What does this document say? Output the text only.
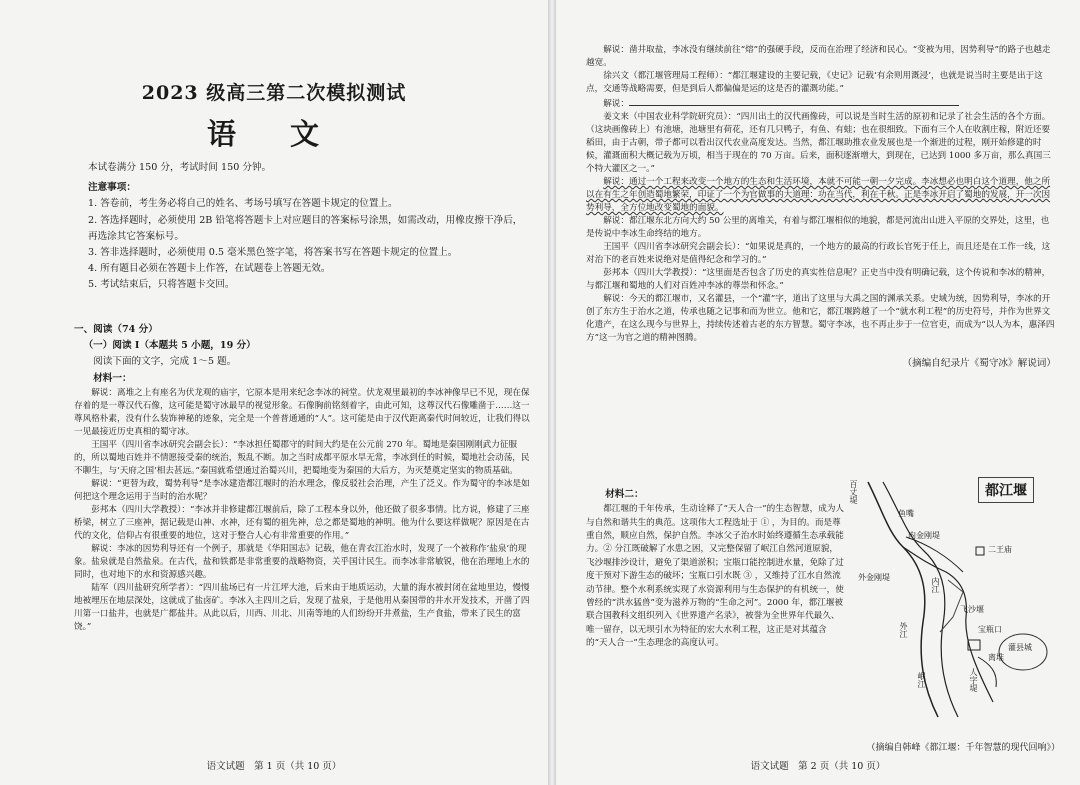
2023 级高三第二次模拟测试
语 文

本试卷满分 150 分，考试时间 150 分钟。

注意事项：

1. 答卷前，考生务必将自己的姓名、考场号填写在答题卡规定的位置上。

2. 答选择题时，必须使用 2B 铅笔将答题卡上对应题目的答案标号涂黑，如需改动，用橡皮擦干净后，再选涂其它答案标号。

3. 答非选择题时，必须使用 0.5 毫米黑色签字笔，将答案书写在答题卡规定的位置上。

4. 所有题目必须在答题卡上作答，在试题卷上答题无效。

5. 考试结束后，只将答题卡交回。

一、阅读（74 分）

（一）阅读 I（本题共 5 小题，19 分）

阅读下面的文字，完成 1～5 题。

材料一：

解说：离堆之上有座名为伏龙观的庙宇，它原本是用来纪念李冰的祠堂。伏龙观里最初的李冰神像早已不见，现在保存着的是一尊汉代石像，这可能是蜀守冰最早的视觉形象。石像胸前铭刻着字，由此可知，这尊汉代石像雕凿于……这一尊风格朴素，没有什么装饰神秘的迹象，完全是一个普普通通的“人”。这可能是由于汉代距离秦代时间较近，让我们得以一见最接近历史真相的蜀守冰。

王国平（四川省李冰研究会副会长）：“李冰担任蜀郡守的时间大约是在公元前 270 年。蜀地是秦国刚刚武力征服的，所以蜀地百姓并不情愿接受秦的统治，叛乱不断。加之当时成都平原水旱无常，李冰到任的时候，蜀地社会动荡，民不聊生，与‘天府之国’相去甚远。”秦国就希望通过治蜀兴川，把蜀地变为秦国的大后方，为灭楚奠定坚实的物质基础。

解说：“更替为政，蜀势利导”是李冰建造都江堰时的治水理念，像反驳社会治理，产生了泛义。作为蜀守的李冰是如何把这个理念运用于当时的治水呢？

彭邦本（四川大学教授）：“李冰并非修建都江堰前后，除了工程本身以外，他还做了很多事情。比方说，修建了三座桥梁，树立了三座神，据记载是山神、水神，还有蜀的祖先神，总之都是蜀地的神明。他为什么要这样做呢？原因是在古代的文化，信仰占有很重要的地位，这对于整合人心有非常重要的作用。”

解说：李冰的因势利导还有一个例子，那就是《华阳国志》记载，他在青衣江治水时，发现了一个被称作‘盐泉’的现象。盐泉就是自然盐泉。在古代，盐和铁都是非常重要的战略物资，关乎国计民生。而李冰非常敏锐，他在治理地上水的同时，也对地下的水和资源感兴趣。

陆军（四川盐研究所学者）：“四川盐场已有一片江坪大池，后来由于地质运动，大量的海水被封闭在盆地里边，慢慢地被埋压在地层深处，这就成了盐卤矿。李冰入主四川之后，发现了盐泉，于是他用从秦国带的井水开发技术，开凿了四川第一口盐井，也就是广都盐井。从此以后，川西、川北、川南等地的人们纷纷开井煮盐，生产食盐，带来了民生的富饶。”

语文试题　第 1 页（共 10 页）

解说：凿井取盐，李冰没有继续前往“熔”的强硬手段，反而在治理了经济和民心。“变被为用，因势利导”的路子也越走越宽。

徐兴文（都江堰管理局工程师）：“都江堰建设的主要记载，《史记》记载‘有余则用溉浸’，也就是说当时主要是出于这点，交通等战略需要，但是到后人都偏偏是运的这是否的灌溉功能。”

解说：

姜文来（中国农业科学院研究员）：“四川出土的汉代画像砖，可以说是当时生活的原初和记录了社会生活的各个方面。（这块画像砖上）有池塘，池塘里有荷花，还有几只鸭子，有鱼、有蛙；也在很细致。下面有三个人在收割庄稼，附近还要稻田，由于古朝，带子都可以看出汉代农业高度发达。当然，都江堰助推农业发展也是一个渐进的过程，刚开始修建的时候，灌溉面积大概记载为万顷，相当于现在的 70 万亩。后来，面积逐渐增大，到现在，已达到 1000 多万亩，那么真国三个特大灌区之一。”

解说：通过一个工程来改变一个地方的生态和生活环境，本就不可能一朝一夕完成。李冰想必也明白这个道理，他之所以在有生之年创造蜀地繁荣，印证了一个为官做事的大道理：功在当代，利在千秋。正是李冰开启了蜀地的发展，开一次因势利导，全方位地改变蜀地的面貌。

解说：都江堰东北方向大约 50 公里的离堆关，有着与都江堰相似的地貌，都是河流出山进入平原的交界处，这里，也是传说中李冰生命终结的地方。

王国平（四川省李冰研究会副会长）：“如果说是真的，一个地方的最高的行政长官死于任上，而且还是在工作一线，这对治下的老百姓来说绝对是值得纪念和学习的。”

彭邦本（四川大学教授）：“这里面是否包含了历史的真实性信息呢？正史当中没有明确记载，这个传说和李冰的精神，与都江堰和蜀地的人们对百姓冲李冰的尊崇和怀念。”

解说：今天的都江堰市，又名灌县，一个“灌”字，道出了这里与大禹之国的渊承关系。史域为统，因势利导，李冰的开创了东方生于治水之道，传承也随之记事和而为世立。他和它，都江堰跨越了一个“就水利工程”的历史符号，并作为世界文化遗产，在这么现今与世界上，持续传述着古老的东方智慧。蜀守李冰，也不再止步于一位官吏，而成为“以人为本，惠泽四方”这一为官之道的精神图腾。

（摘编自纪录片《蜀守冰》解说词）

材料二：

都江堰的千年传承，生动诠释了“天人合一”的生态智慧，成为人与自然和谐共生的典范。这项伟大工程选址于 ① ，为目的。而是尊重自然，顺应自然，保护自然。李冰父子治水时始终遵循生态承载能力。② 分江既破解了水患之困，又完整保留了岷江自然河道原貌，飞沙堰排沙设计，避免了渠道淤积；宝瓶口能控制进水量，免除了过度干预对下游生态的破坏；宝瓶口引水既 ③ ，又维持了江水自然流动节律。整个水利系统实现了水资源利用与生态保护的有机统一，使曾经的“洪水猛兽”变为滋养万物的“生命之河”。2000 年，都江堰被联合国教科文组织列入《世界遗产名录》，被誉为全世界年代最久、唯一留存，以无坝引水为特征的宏大水利工程，这正是对其蕴含的“天人合一”生态理念的高度认可。

语文试题　第 2 页（共 10 页）
都江堰
百丈堤
鱼嘴
内金刚堤
外金刚堤	内江
外江
二王庙
飞沙堰
宝瓶口
离堆
人字堤
灌县城
岷江
（摘编自韩峰《都江堰：千年智慧的现代回响》）
